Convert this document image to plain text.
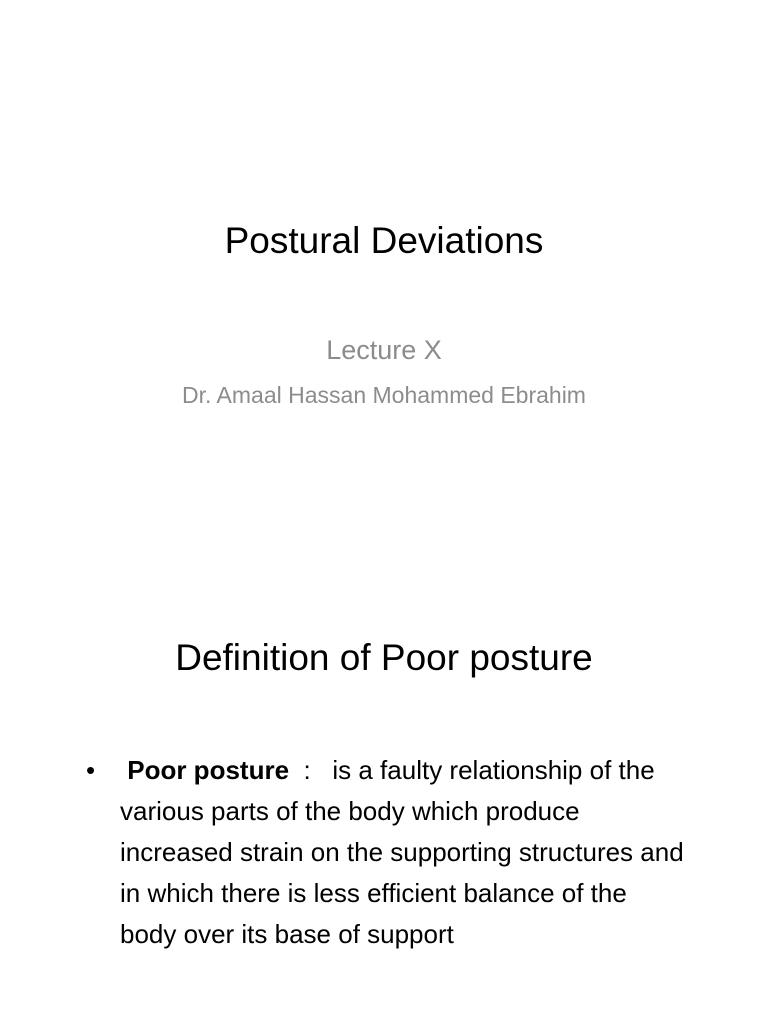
Postural Deviations

Lecture X

Dr. Amaal Hassan Mohammed Ebrahim

Definition of Poor posture
• Poor posture  :   is a faulty relationship of the various parts of the body which produce increased strain on the supporting structures and in which there is less efficient balance of the body over its base of support
